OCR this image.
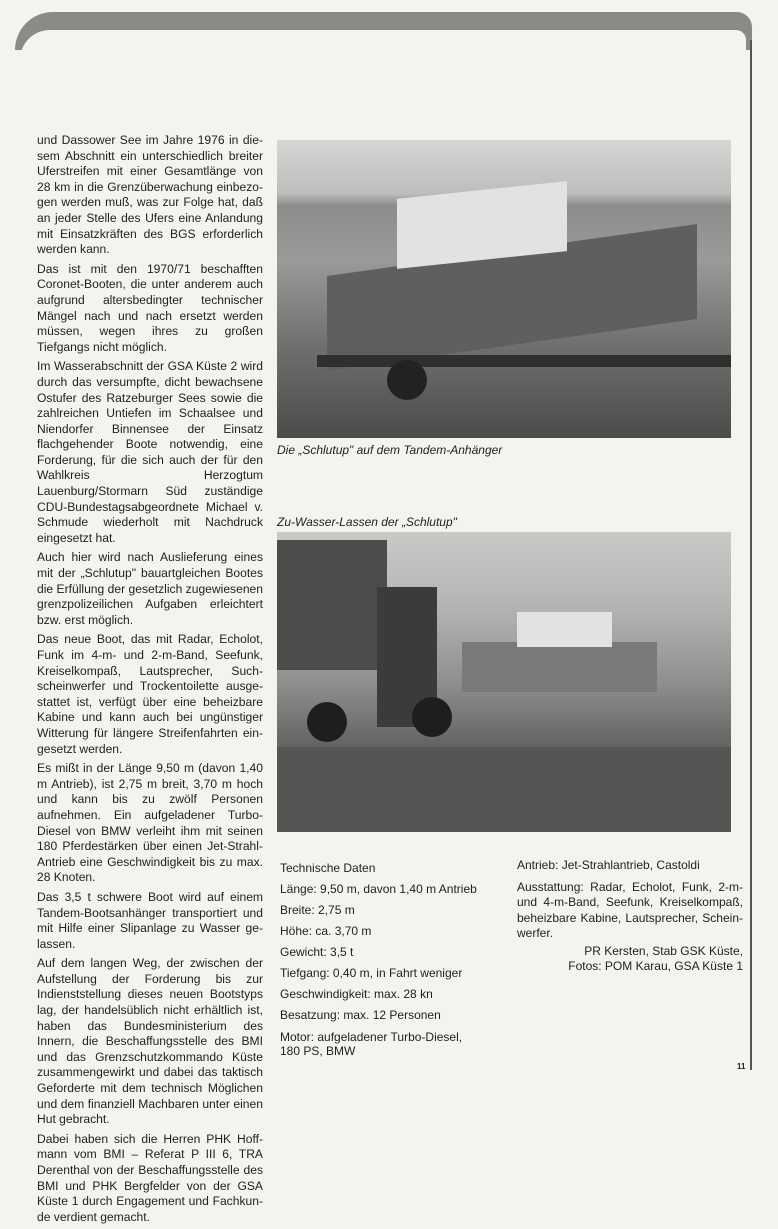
und Dassower See im Jahre 1976 in diesem Abschnitt ein unterschiedlich breiter Uferstreifen mit einer Gesamtlänge von 28 km in die Grenzüberwachung einbezogen werden muß, was zur Folge hat, daß an jeder Stelle des Ufers eine Anlandung mit Einsatzkräften des BGS erforderlich werden kann.

Das ist mit den 1970/71 beschafften Coronet-Booten, die unter anderem auch aufgrund altersbedingter technischer Mängel nach und nach ersetzt werden müssen, wegen ihres zu großen Tiefgangs nicht möglich.

Im Wasserabschnitt der GSA Küste 2 wird durch das versumpfte, dicht bewachsene Ostufer des Ratzeburger Sees sowie die zahlreichen Untiefen im Schaalsee und Niendorfer Binnensee der Einsatz flachgehender Boote notwendig, eine Forderung, für die sich auch der für den Wahlkreis Herzogtum Lauenburg/Stormarn Süd zuständige CDU-Bundestagsabgeordnete Michael v. Schmude wiederholt mit Nachdruck eingesetzt hat.

Auch hier wird nach Auslieferung eines mit der „Schlutup" bauartgleichen Bootes die Erfüllung der gesetzlich zugewiesenen grenzpolizeilichen Aufgaben erleichtert bzw. erst möglich.

Das neue Boot, das mit Radar, Echolot, Funk im 4-m- und 2-m-Band, Seefunk, Kreiselkompaß, Lautsprecher, Suchscheinwerfer und Trockentoilette ausgestattet ist, verfügt über eine beheizbare Kabine und kann auch bei ungünstiger Witterung für längere Streifenfahrten eingesetzt werden.

Es mißt in der Länge 9,50 m (davon 1,40 m Antrieb), ist 2,75 m breit, 3,70 m hoch und kann bis zu zwölf Personen aufnehmen. Ein aufgeladener Turbo-Diesel von BMW verleiht ihm mit seinen 180 Pferdestärken über einen Jet-Strahl-Antrieb eine Geschwindigkeit bis zu max. 28 Knoten.

Das 3,5 t schwere Boot wird auf einem Tandem-Bootsanhänger transportiert und mit Hilfe einer Slipanlage zu Wasser gelassen.

Auf dem langen Weg, der zwischen der Aufstellung der Forderung bis zur Indienststellung dieses neuen Bootstyps lag, der handelsüblich nicht erhältlich ist, haben das Bundesministerium des Innern, die Beschaffungsstelle des BMI und das Grenzschutzkommando Küste zusammengewirkt und dabei das taktisch Geforderte mit dem technisch Möglichen und dem finanziell Machbaren unter einen Hut gebracht.

Dabei haben sich die Herren PHK Hoffmann vom BMI – Referat P III 6, TRA Derenthal von der Beschaffungsstelle des BMI und PHK Bergfelder von der GSA Küste 1 durch Engagement und Fachkunde verdient gemacht.

Die „Schlutup" auf dem Tandem-Anhänger
Zu-Wasser-Lassen der „Schlutup"
Technische Daten
Länge: 9,50 m, davon 1,40 m Antrieb
Breite: 2,75 m
Höhe: ca. 3,70 m
Gewicht: 3,5 t
Tiefgang: 0,40 m, in Fahrt weniger
Geschwindigkeit: max. 28 kn
Besatzung: max. 12 Personen
Motor: aufgeladener Turbo-Diesel,
180 PS, BMW

Antrieb: Jet-Strahlantrieb, Castoldi

Ausstattung: Radar, Echolot, Funk, 2-m- und 4-m-Band, Seefunk, Kreiselkompaß, beheizbare Kabine, Lautsprecher, Scheinwerfer.

PR Kersten, Stab GSK Küste,
Fotos: POM Karau, GSA Küste 1
11
